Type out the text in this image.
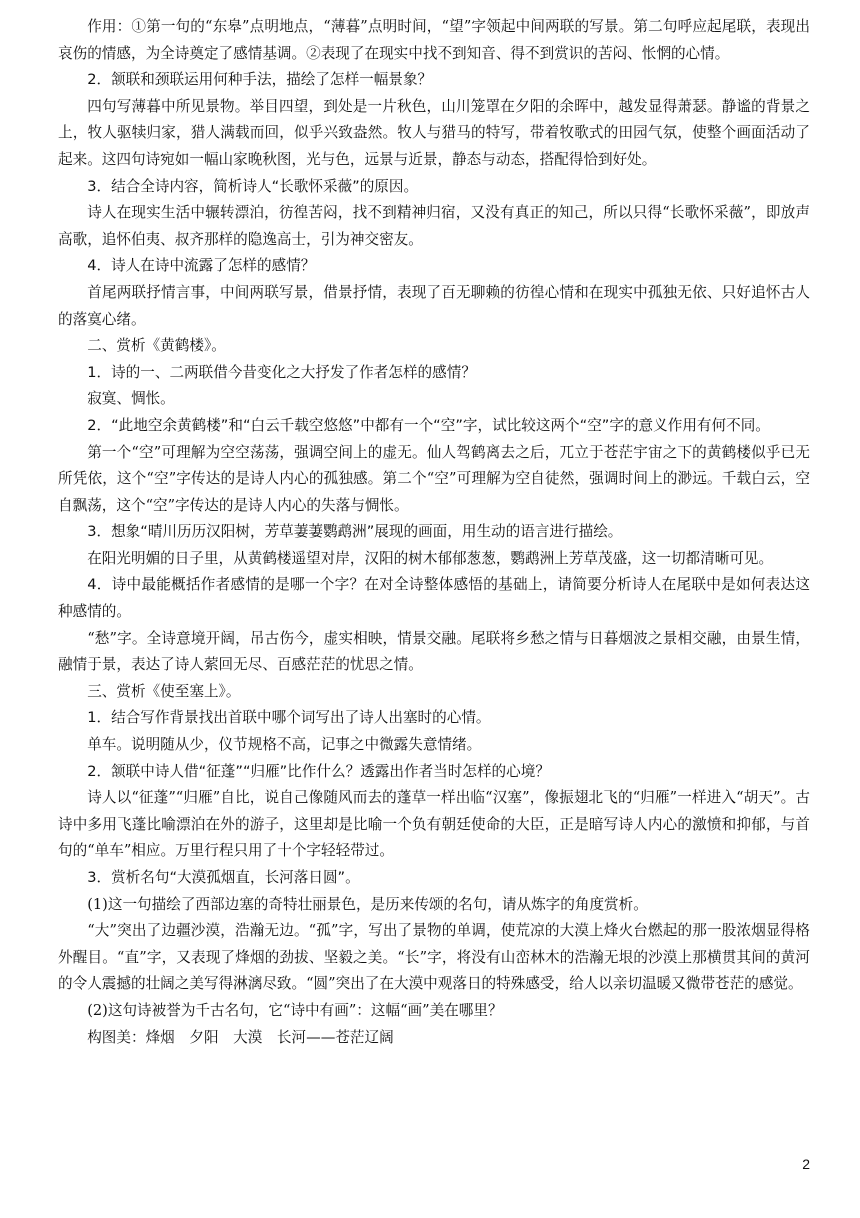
作用：①第一句的“东皋”点明地点，“薄暮”点明时间，“望”字领起中间两联的写景。第二句呼应起尾联，表现出哀伤的情感，为全诗奠定了感情基调。②表现了在现实中找不到知音、得不到赏识的苦闷、怅惘的心情。

2．颔联和颈联运用何种手法，描绘了怎样一幅景象？

四句写薄暮中所见景物。举目四望，到处是一片秋色，山川笼罩在夕阳的余晖中，越发显得萧瑟。静谧的背景之上，牧人驱犊归家，猎人满载而回，似乎兴致盎然。牧人与猎马的特写，带着牧歌式的田园气氛，使整个画面活动了起来。这四句诗宛如一幅山家晚秋图，光与色，远景与近景，静态与动态，搭配得恰到好处。

3．结合全诗内容，简析诗人“长歌怀采薇”的原因。

诗人在现实生活中辗转漂泊，彷徨苦闷，找不到精神归宿，又没有真正的知己，所以只得“长歌怀采薇”，即放声高歌，追怀伯夷、叔齐那样的隐逸高士，引为神交密友。

4．诗人在诗中流露了怎样的感情？

首尾两联抒情言事，中间两联写景，借景抒情，表现了百无聊赖的彷徨心情和在现实中孤独无依、只好追怀古人的落寞心绪。

二、赏析《黄鹤楼》。

1．诗的一、二两联借今昔变化之大抒发了作者怎样的感情？

寂寞、惆怅。

2．“此地空余黄鹤楼”和“白云千载空悠悠”中都有一个“空”字，试比较这两个“空”字的意义作用有何不同。

第一个“空”可理解为空空荡荡，强调空间上的虚无。仙人驾鹤离去之后，兀立于苍茫宇宙之下的黄鹤楼似乎已无所凭依，这个“空”字传达的是诗人内心的孤独感。第二个“空”可理解为空自徒然，强调时间上的渺远。千载白云，空自飘荡，这个“空”字传达的是诗人内心的失落与惆怅。

3．想象“晴川历历汉阳树，芳草萋萋鹦鹉洲”展现的画面，用生动的语言进行描绘。

在阳光明媚的日子里，从黄鹤楼遥望对岸，汉阳的树木郁郁葱葱，鹦鹉洲上芳草茂盛，这一切都清晰可见。

4．诗中最能概括作者感情的是哪一个字？在对全诗整体感悟的基础上，请简要分析诗人在尾联中是如何表达这种感情的。

“愁”字。全诗意境开阔，吊古伤今，虚实相映，情景交融。尾联将乡愁之情与日暮烟波之景相交融，由景生情，融情于景，表达了诗人萦回无尽、百感茫茫的忧思之情。

三、赏析《使至塞上》。

1．结合写作背景找出首联中哪个词写出了诗人出塞时的心情。

单车。说明随从少，仪节规格不高，记事之中微露失意情绪。

2．颔联中诗人借“征蓬”“归雁”比作什么？透露出作者当时怎样的心境？

诗人以“征蓬”“归雁”自比，说自己像随风而去的蓬草一样出临“汉塞”，像振翅北飞的“归雁”一样进入“胡天”。古诗中多用飞蓬比喻漂泊在外的游子，这里却是比喻一个负有朝廷使命的大臣，正是暗写诗人内心的激愤和抑郁，与首句的“单车”相应。万里行程只用了十个字轻轻带过。

3．赏析名句“大漠孤烟直，长河落日圆”。

(1)这一句描绘了西部边塞的奇特壮丽景色，是历来传颂的名句，请从炼字的角度赏析。

“大”突出了边疆沙漠，浩瀚无边。“孤”字，写出了景物的单调，使荒凉的大漠上烽火台燃起的那一股浓烟显得格外醒目。“直”字，又表现了烽烟的劲拔、坚毅之美。“长”字，将没有山峦林木的浩瀚无垠的沙漠上那横贯其间的黄河的令人震撼的壮阔之美写得淋漓尽致。“圆”突出了在大漠中观落日的特殊感受，给人以亲切温暖又微带苍茫的感觉。

(2)这句诗被誉为千古名句，它“诗中有画”：这幅“画”美在哪里？

构图美：烽烟　夕阳　大漠　长河——苍茫辽阔

2
